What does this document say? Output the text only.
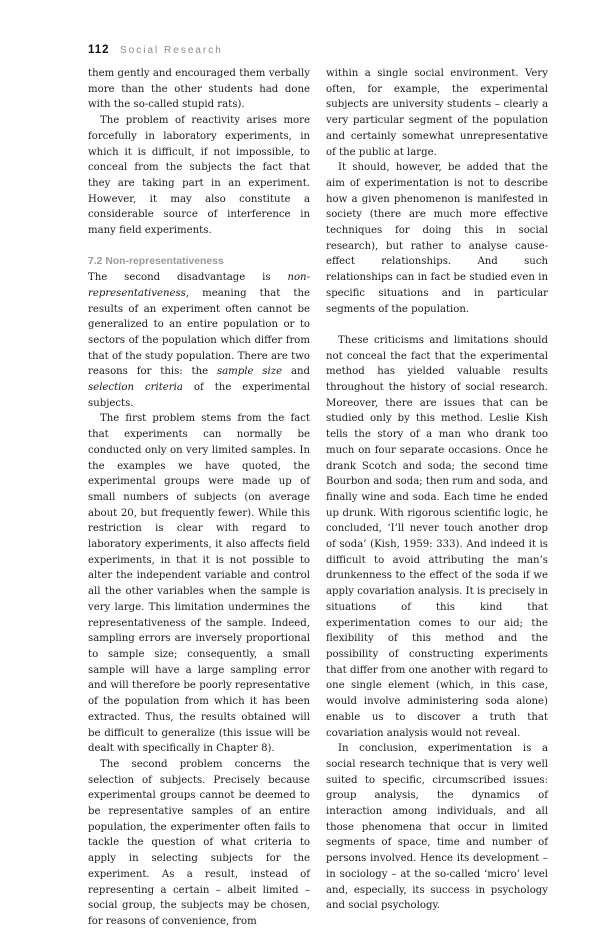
112 Social Research

them gently and encouraged them verbally more than the other students had done with the so-called stupid rats).

The problem of reactivity arises more forcefully in laboratory experiments, in which it is difficult, if not impossible, to conceal from the subjects the fact that they are taking part in an experiment. However, it may also constitute a considerable source of interference in many field experiments.

7.2 Non-representativeness

The second disadvantage is non-representativeness, meaning that the results of an experiment often cannot be generalized to an entire population or to sectors of the population which differ from that of the study population. There are two reasons for this: the sample size and selection criteria of the experimental subjects.

The first problem stems from the fact that experiments can normally be conducted only on very limited samples. In the examples we have quoted, the experimental groups were made up of small numbers of subjects (on average about 20, but frequently fewer). While this restriction is clear with regard to laboratory experiments, it also affects field experiments, in that it is not possible to alter the independent variable and control all the other variables when the sample is very large. This limitation undermines the representativeness of the sample. Indeed, sampling errors are inversely proportional to sample size; consequently, a small sample will have a large sampling error and will therefore be poorly representative of the population from which it has been extracted. Thus, the results obtained will be difficult to generalize (this issue will be dealt with specifically in Chapter 8).

The second problem concerns the selection of subjects. Precisely because experimental groups cannot be deemed to be representative samples of an entire population, the experimenter often fails to tackle the question of what criteria to apply in selecting subjects for the experiment. As a result, instead of representing a certain – albeit limited – social group, the subjects may be chosen, for reasons of convenience, from

within a single social environment. Very often, for example, the experimental subjects are university students – clearly a very particular segment of the population and certainly somewhat unrepresentative of the public at large.

It should, however, be added that the aim of experimentation is not to describe how a given phenomenon is manifested in society (there are much more effective techniques for doing this in social research), but rather to analyse cause-effect relationships. And such relationships can in fact be studied even in specific situations and in particular segments of the population.

These criticisms and limitations should not conceal the fact that the experimental method has yielded valuable results throughout the history of social research. Moreover, there are issues that can be studied only by this method. Leslie Kish tells the story of a man who drank too much on four separate occasions. Once he drank Scotch and soda; the second time Bourbon and soda; then rum and soda, and finally wine and soda. Each time he ended up drunk. With rigorous scientific logic, he concluded, ‘I’ll never touch another drop of soda’ (Kish, 1959: 333). And indeed it is difficult to avoid attributing the man’s drunkenness to the effect of the soda if we apply covariation analysis. It is precisely in situations of this kind that experimentation comes to our aid; the flexibility of this method and the possibility of constructing experiments that differ from one another with regard to one single element (which, in this case, would involve administering soda alone) enable us to discover a truth that covariation analysis would not reveal.

In conclusion, experimentation is a social research technique that is very well suited to specific, circumscribed issues: group analysis, the dynamics of interaction among individuals, and all those phenomena that occur in limited segments of space, time and number of persons involved. Hence its development – in sociology – at the so-called ‘micro’ level and, especially, its success in psychology and social psychology.
